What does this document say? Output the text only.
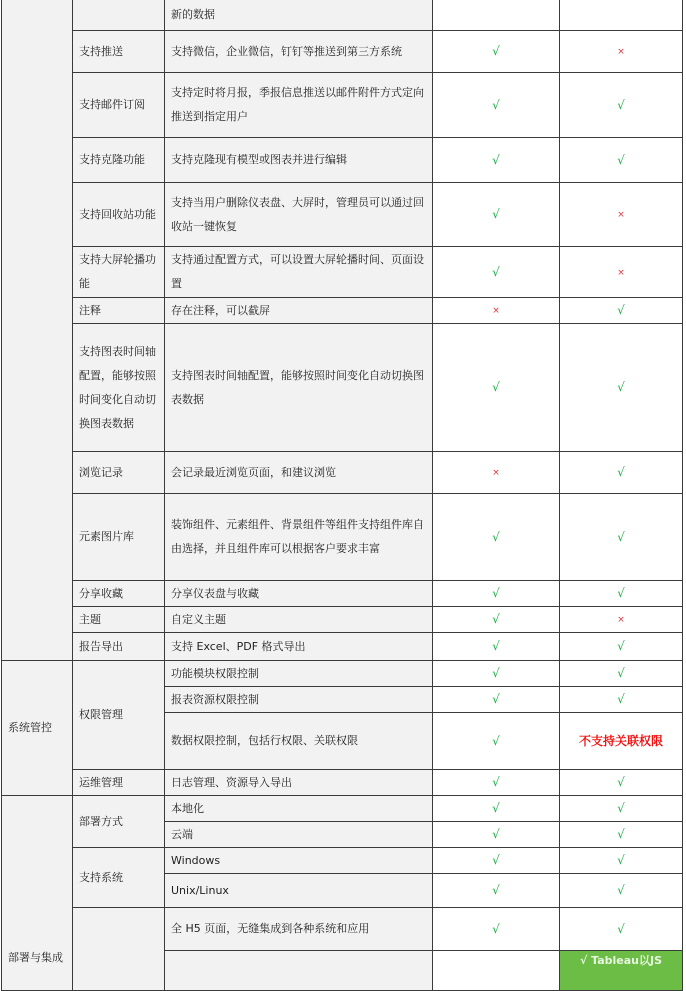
		新的数据		
	支持推送	支持微信，企业微信，钉钉等推送到第三方系统	√	×
	支持邮件订阅	支持定时将月报，季报信息推送以邮件附件方式定向推送到指定用户	√	√
	支持克隆功能	支持克隆现有模型或图表并进行编辑	√	√
	支持回收站功能	支持当用户删除仪表盘、大屏时，管理员可以通过回收站一键恢复	√	×
	支持大屏轮播功能	支持通过配置方式，可以设置大屏轮播时间、页面设置	√	×
	注释	存在注释，可以截屏	×	√
	支持图表时间轴配置，能够按照时间变化自动切换图表数据	支持图表时间轴配置，能够按照时间变化自动切换图表数据	√	√
	浏览记录	会记录最近浏览页面，和建议浏览	×	√
	元素图片库	装饰组件、元素组件、背景组件等组件支持组件库自由选择，并且组件库可以根据客户要求丰富	√	√
	分享收藏	分享仪表盘与收藏	√	√
	主题	自定义主题	√	×
	报告导出	支持 Excel、PDF 格式导出	√	√
系统管控	权限管理	功能模块权限控制	√	√
		报表资源权限控制	√	√
		数据权限控制，包括行权限、关联权限	√	不支持关联权限
	运维管理	日志管理、资源导入导出	√	√
部署与集成	部署方式	本地化	√	√
		云端	√	√
	支持系统	Windows	√	√
		Unix/Linux	√	√
		全 H5 页面，无缝集成到各种系统和应用	√	√
				√ Tableau以JS
